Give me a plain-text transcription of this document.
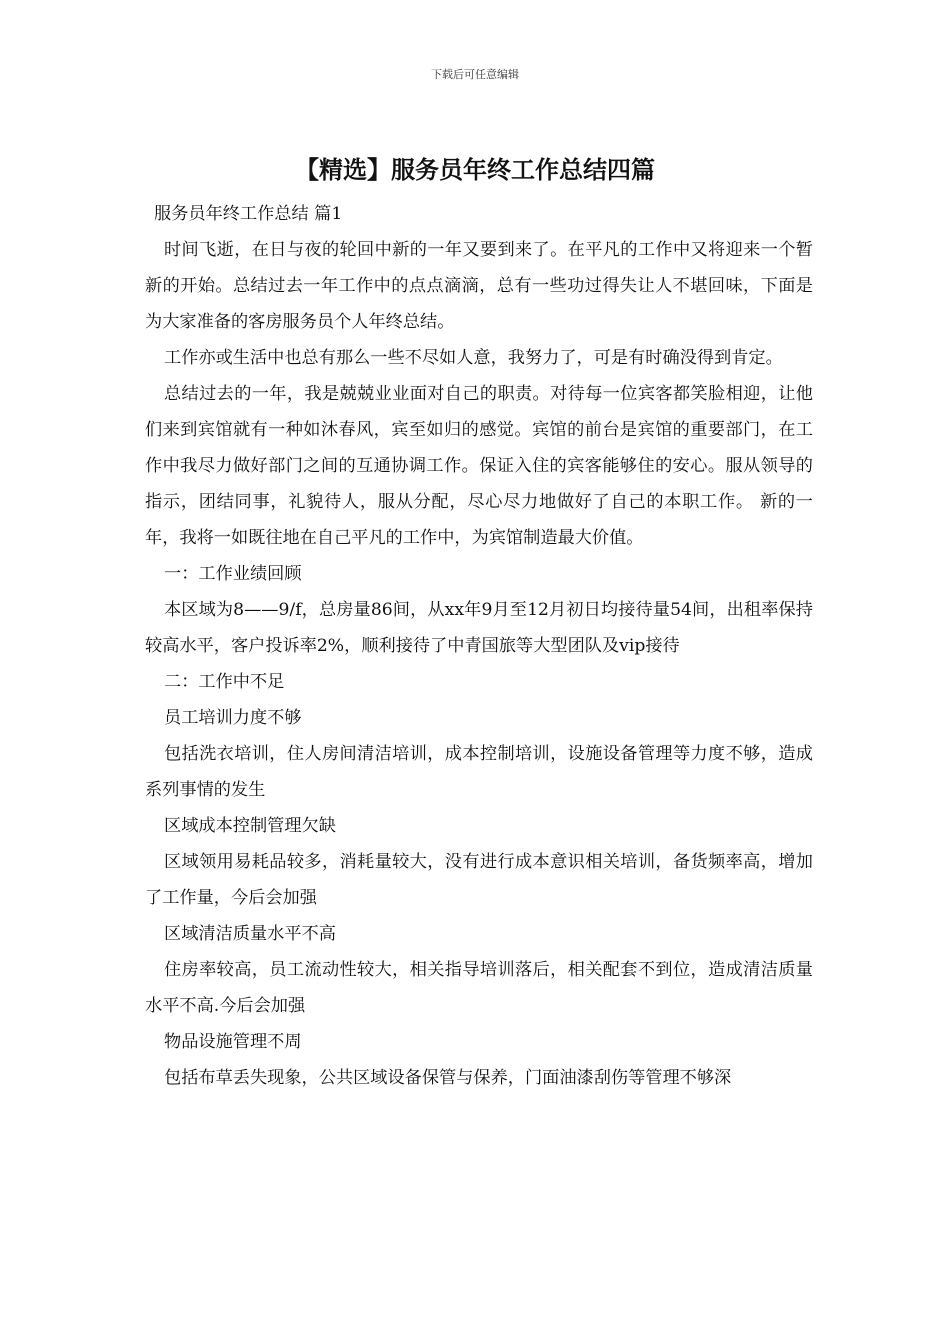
下载后可任意编辑
【精选】服务员年终工作总结四篇

服务员年终工作总结 篇1

时间飞逝，在日与夜的轮回中新的一年又要到来了。在平凡的工作中又将迎来一个暂新的开始。总结过去一年工作中的点点滴滴，总有一些功过得失让人不堪回味，下面是为大家准备的客房服务员个人年终总结。

工作亦或生活中也总有那么一些不尽如人意，我努力了，可是有时确没得到肯定。

总结过去的一年，我是兢兢业业面对自己的职责。对待每一位宾客都笑脸相迎，让他们来到宾馆就有一种如沐春风，宾至如归的感觉。宾馆的前台是宾馆的重要部门，在工作中我尽力做好部门之间的互通协调工作。保证入住的宾客能够住的安心。服从领导的指示，团结同事，礼貌待人，服从分配，尽心尽力地做好了自己的本职工作。 新的一年，我将一如既往地在自己平凡的工作中，为宾馆制造最大价值。

一：工作业绩回顾

本区域为8——9/f，总房量86间，从xx年9月至12月初日均接待量54间，出租率保持较高水平，客户投诉率2%，顺利接待了中青国旅等大型团队及vip接待

二：工作中不足

员工培训力度不够

包括洗衣培训，住人房间清洁培训，成本控制培训，设施设备管理等力度不够，造成系列事情的发生

区域成本控制管理欠缺

区域领用易耗品较多，消耗量较大，没有进行成本意识相关培训，备货频率高，增加了工作量，今后会加强

区域清洁质量水平不高

住房率较高，员工流动性较大，相关指导培训落后，相关配套不到位，造成清洁质量水平不高.今后会加强

物品设施管理不周

包括布草丢失现象，公共区域设备保管与保养，门面油漆刮伤等管理不够深
